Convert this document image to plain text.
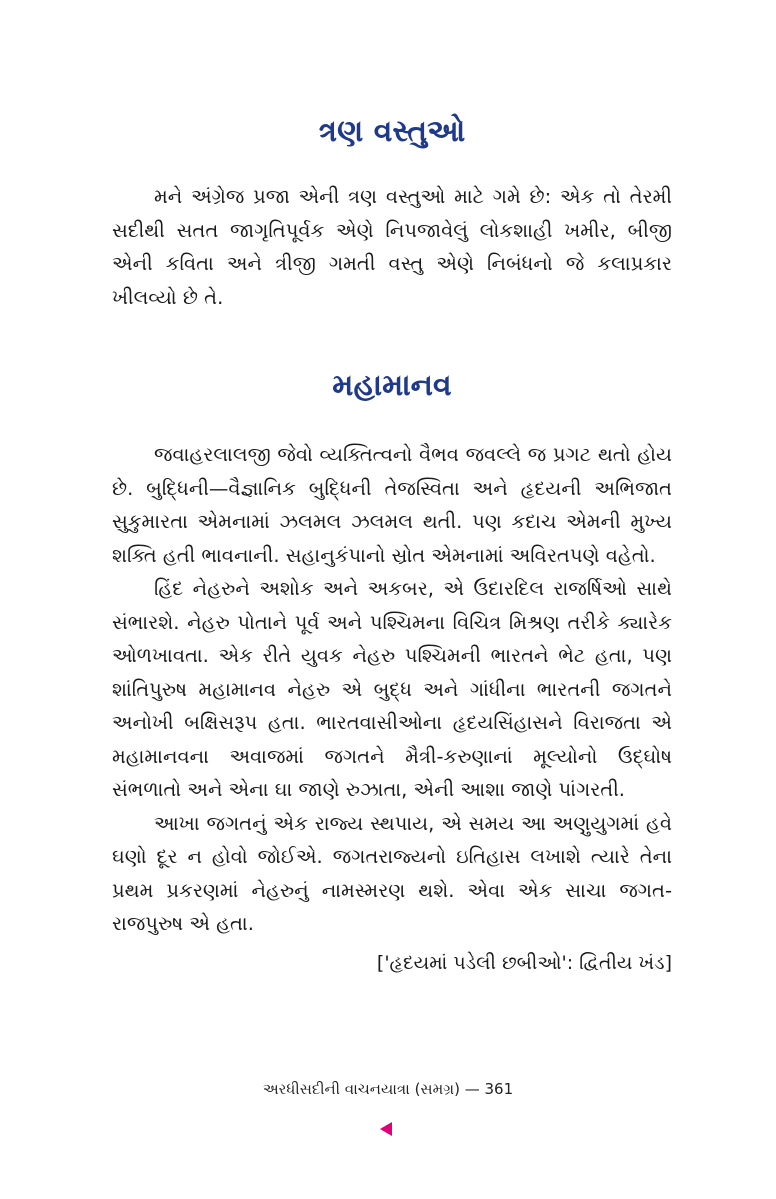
ત્રણ વસ્તુઓ

મને અંગ્રેજ પ્રજા એની ત્રણ વસ્તુઓ માટે ગમે છે: એક તો તેરમી સદીથી સતત જાગૃતિપૂર્વક એણે નિપજાવેલું લોકશાહી ખમીર, બીજી એની કવિતા અને ત્રીજી ગમતી વસ્તુ એણે નિબંધનો જે કલાપ્રકાર ખીલવ્યો છે તે.

મહામાનવ

જવાહરલાલજી જેવો વ્યક્તિત્વનો વૈભવ જવલ્લે જ પ્રગટ થતો હોય છે. બુદ્ધિની—વૈજ્ઞાનિક બુદ્ધિની તેજસ્વિતા અને હૃદયની અભિજાત સુકુમારતા એમનામાં ઝલમલ ઝલમલ થતી. પણ કદાચ એમની મુખ્ય શક્તિ હતી ભાવનાની. સહાનુકંપાનો સ્રોત એમનામાં અવિરતપણે વહેતો.

હિંદ નેહરુને અશોક અને અકબર, એ ઉદારદિલ રાજર્ષિઓ સાથે સંભારશે. નેહરુ પોતાને પૂર્વ અને પશ્ચિમના વિચિત્ર મિશ્રણ તરીકે ક્યારેક ઓળખાવતા. એક રીતે યુવક નેહરુ પશ્ચિમની ભારતને ભેટ હતા, પણ શાંતિપુરુષ મહામાનવ નેહરુ એ બુદ્ધ અને ગાંધીના ભારતની જગતને અનોખી બક્ષિસરૂપ હતા. ભારતવાસીઓના હૃદયસિંહાસને વિરાજતા એ મહામાનવના અવાજમાં જગતને મૈત્રી-કરુણાનાં મૂલ્યોનો ઉદ્ઘોષ સંભળાતો અને એના ઘા જાણે રુઝાતા, એની આશા જાણે પાંગરતી.

આખા જગતનું એક રાજ્ય સ્થપાય, એ સમય આ અણુયુગમાં હવે ઘણો દૂર ન હોવો જોઈએ. જગતરાજ્યનો ઇતિહાસ લખાશે ત્યારે તેના પ્રથમ પ્રકરણમાં નેહરુનું નામસ્મરણ થશે. એવા એક સાચા જગત-રાજપુરુષ એ હતા.

['હૃદયમાં પડેલી છબીઓ': દ્વિતીય ખંડ]

અરધીસદીની વાચનયાત્રા (સમગ્ર) — 361
